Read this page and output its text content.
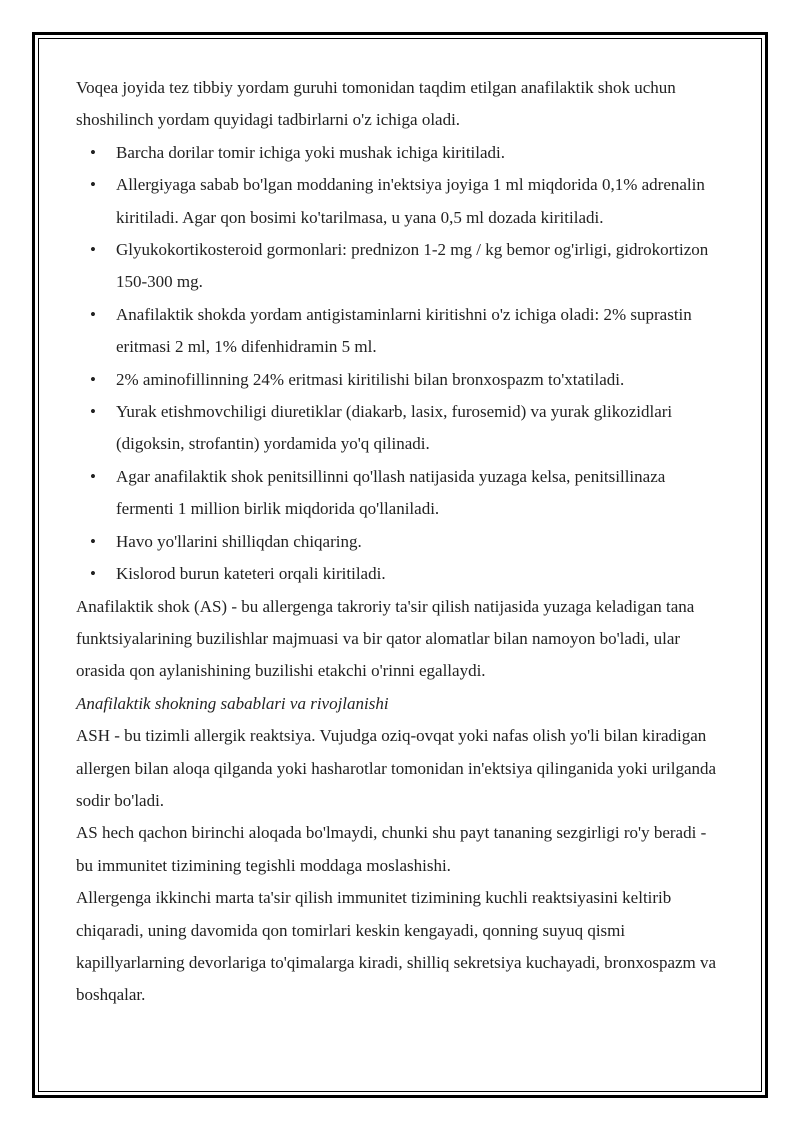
Voqea joyida tez tibbiy yordam guruhi tomonidan taqdim etilgan anafilaktik shok uchun shoshilinch yordam quyidagi tadbirlarni o'z ichiga oladi.

• Barcha dorilar tomir ichiga yoki mushak ichiga kiritiladi.
• Allergiyaga sabab bo'lgan moddaning in'ektsiya joyiga 1 ml miqdorida 0,1% adrenalin kiritiladi. Agar qon bosimi ko'tarilmasa, u yana 0,5 ml dozada kiritiladi.
• Glyukokortikosteroid gormonlari: prednizon 1-2 mg / kg bemor og'irligi, gidrokortizon 150-300 mg.
• Anafilaktik shokda yordam antigistaminlarni kiritishni o'z ichiga oladi: 2% suprastin eritmasi 2 ml, 1% difenhidramin 5 ml.
• 2% aminofillinning 24% eritmasi kiritilishi bilan bronxospazm to'xtatiladi.
• Yurak etishmovchiligi diuretiklar (diakarb, lasix, furosemid) va yurak glikozidlari (digoksin, strofantin) yordamida yo'q qilinadi.
• Agar anafilaktik shok penitsillinni qo'llash natijasida yuzaga kelsa, penitsillinaza fermenti 1 million birlik miqdorida qo'llaniladi.
• Havo yo'llarini shilliqdan chiqaring.
• Kislorod burun kateteri orqali kiritiladi.

Anafilaktik shok (AS) - bu allergenga takroriy ta'sir qilish natijasida yuzaga keladigan tana funktsiyalarining buzilishlar majmuasi va bir qator alomatlar bilan namoyon bo'ladi, ular orasida qon aylanishining buzilishi etakchi o'rinni egallaydi.

Anafilaktik shokning sabablari va rivojlanishi

ASH - bu tizimli allergik reaktsiya. Vujudga oziq-ovqat yoki nafas olish yo'li bilan kiradigan allergen bilan aloqa qilganda yoki hasharotlar tomonidan in'ektsiya qilinganida yoki urilganda sodir bo'ladi.

AS hech qachon birinchi aloqada bo'lmaydi, chunki shu payt tananing sezgirligi ro'y beradi - bu immunitet tizimining tegishli moddaga moslashishi.

Allergenga ikkinchi marta ta'sir qilish immunitet tizimining kuchli reaktsiyasini keltirib chiqaradi, uning davomida qon tomirlari keskin kengayadi, qonning suyuq qismi kapillyarlarning devorlariga to'qimalarga kiradi, shilliq sekretsiya kuchayadi, bronxospazm va boshqalar.
